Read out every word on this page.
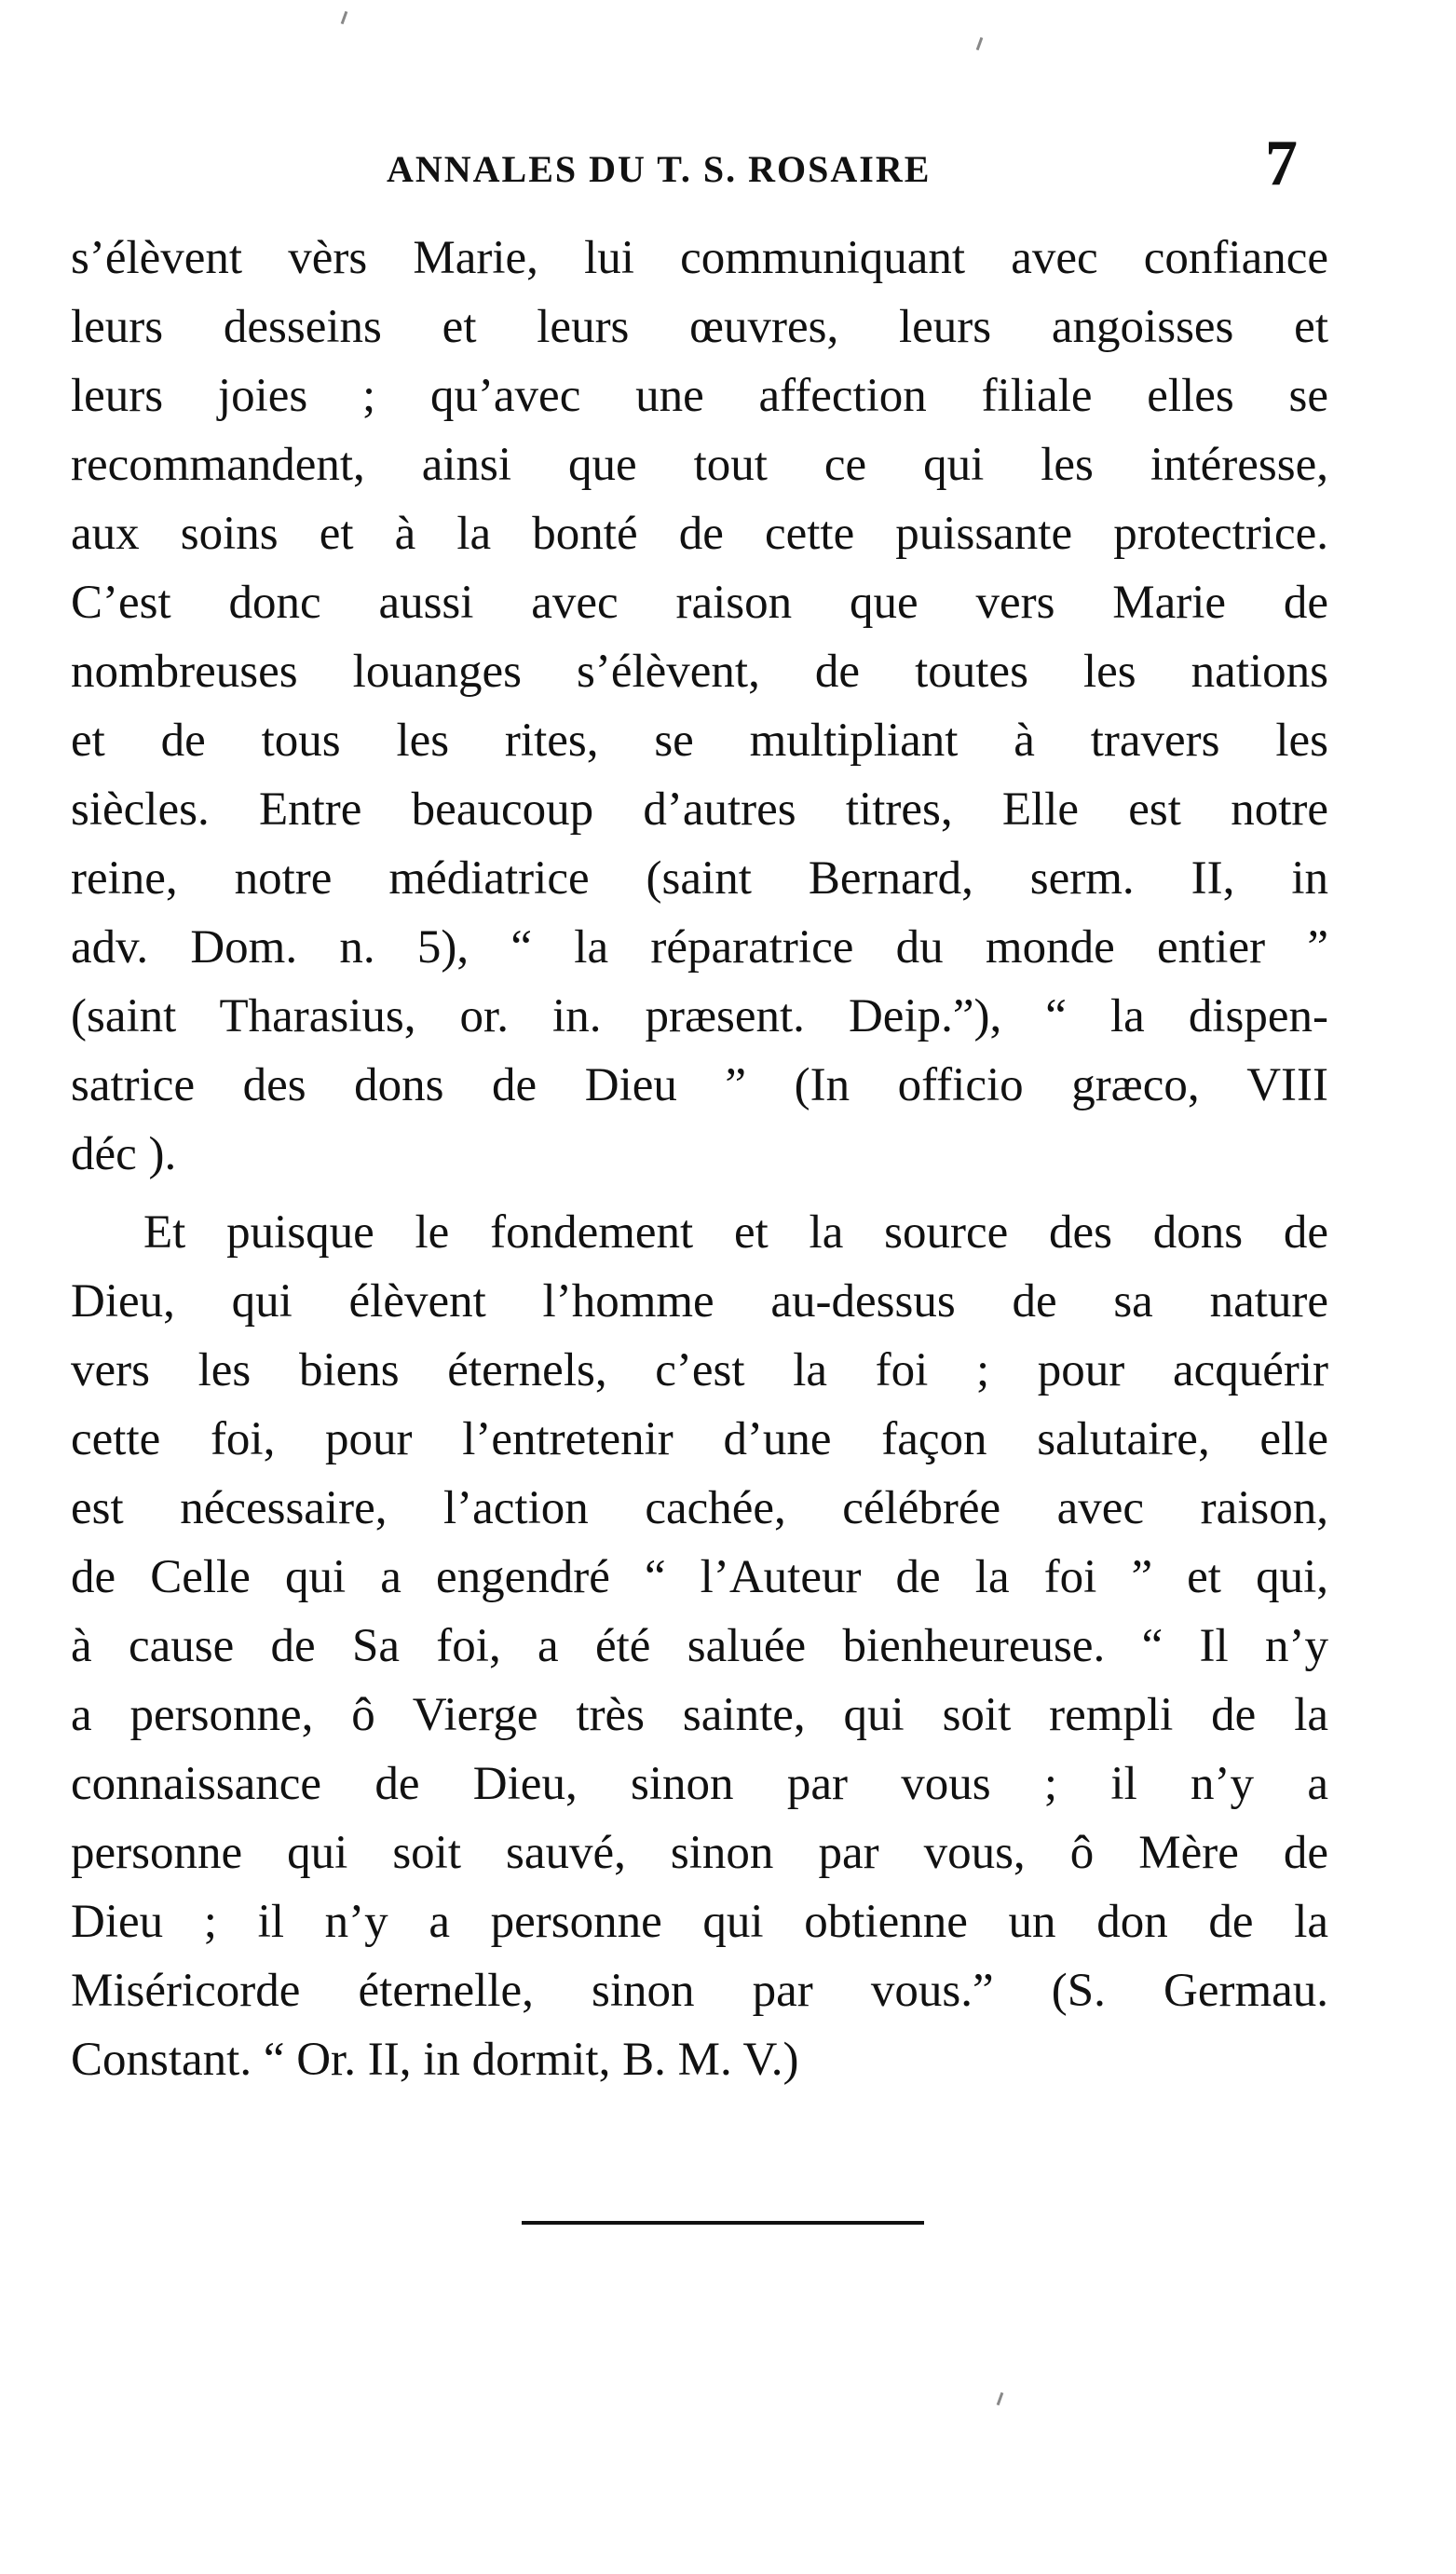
ANNALES DU T. S. ROSAIRE	7
s’élèvent vèrs Marie, lui communiquant avec confiance
leurs desseins et leurs œuvres, leurs angoisses et
leurs joies ; qu’avec une affection filiale elles se
recommandent, ainsi que tout ce qui les intéresse,
aux soins et à la bonté de cette puissante protectrice.
C’est donc aussi avec raison que vers Marie de
nombreuses louanges s’élèvent, de toutes les nations
et de tous les rites, se multipliant à travers les
siècles. Entre beaucoup d’autres titres, Elle est notre
reine, notre médiatrice (saint Bernard, serm. II, in
adv. Dom. n. 5), “ la réparatrice du monde entier ”
(saint Tharasius, or. in. præsent. Deip.”), “ la dispen-
satrice des dons de Dieu ” (In officio græco, VIII
déc ).
Et puisque le fondement et la source des dons de
Dieu, qui élèvent l’homme au-dessus de sa nature
vers les biens éternels, c’est la foi ; pour acquérir
cette foi, pour l’entretenir d’une façon salutaire, elle
est nécessaire, l’action cachée, célébrée avec raison,
de Celle qui a engendré “ l’Auteur de la foi ” et qui,
à cause de Sa foi, a été saluée bienheureuse. “ Il n’y
a personne, ô Vierge très sainte, qui soit rempli de la
connaissance de Dieu, sinon par vous ; il n’y a
personne qui soit sauvé, sinon par vous, ô Mère de
Dieu ; il n’y a personne qui obtienne un don de la
Miséricorde éternelle, sinon par vous.” (S. Germau.
Constant. “ Or. II, in dormit, B. M. V.)
